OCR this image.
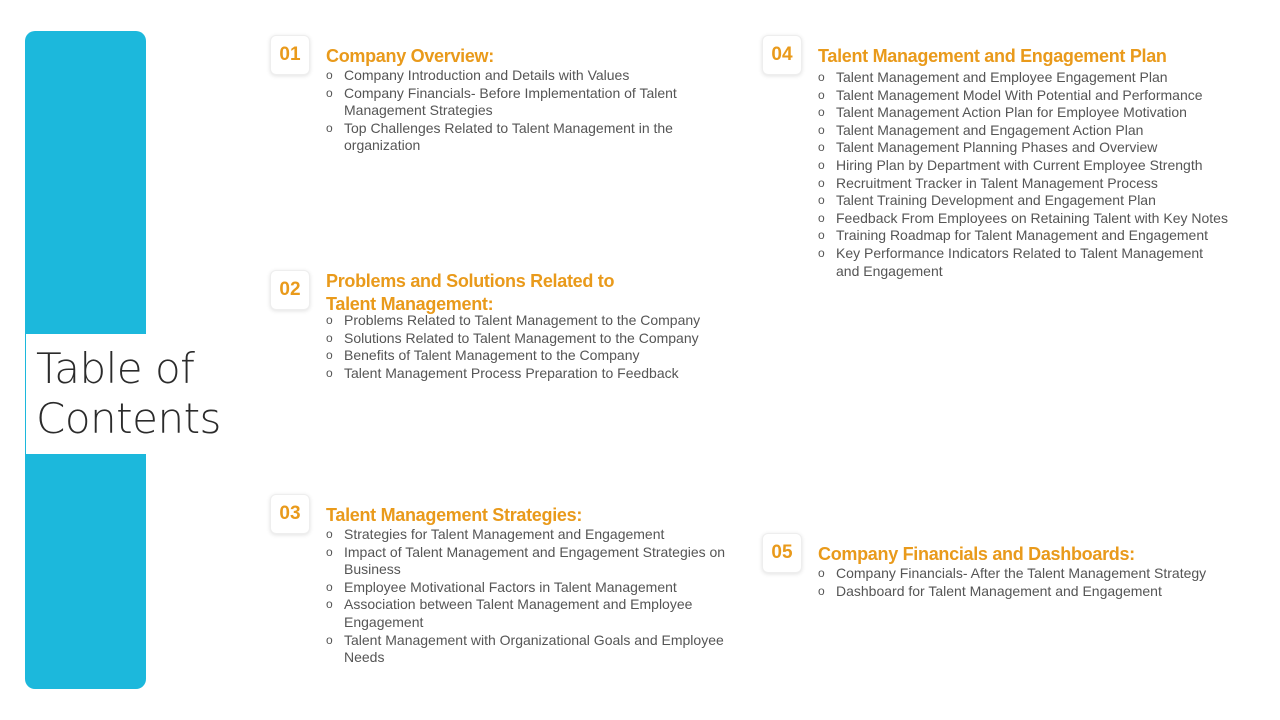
Table of
Contents
01	Company Overview:
o Company Introduction and Details with Values
o Company Financials- Before Implementation of Talent Management Strategies
o Top Challenges Related to Talent Management in the organization
02	Problems and Solutions Related to
Talent Management:
o Problems Related to Talent Management to the Company
o Solutions Related to Talent Management to the Company
o Benefits of Talent Management to the Company
o Talent Management Process Preparation to Feedback
03	Talent Management Strategies:
o Strategies for Talent Management and Engagement
o Impact of Talent Management and Engagement Strategies on Business
o Employee Motivational Factors in Talent Management
o Association between Talent Management and Employee Engagement
o Talent Management with Organizational Goals and Employee Needs
04	Talent Management and Engagement Plan
o Talent Management and Employee Engagement Plan
o Talent Management Model With Potential and Performance
o Talent Management Action Plan for Employee Motivation
o Talent Management and Engagement Action Plan
o Talent Management Planning Phases and Overview
o Hiring Plan by Department with Current Employee Strength
o Recruitment Tracker in Talent Management Process
o Talent Training Development and Engagement Plan
o Feedback From Employees on Retaining Talent with Key Notes
o Training Roadmap for Talent Management and Engagement
o Key Performance Indicators Related to Talent Management and Engagement
05	Company Financials and Dashboards:
o Company Financials- After the Talent Management Strategy
o Dashboard for Talent Management and Engagement
